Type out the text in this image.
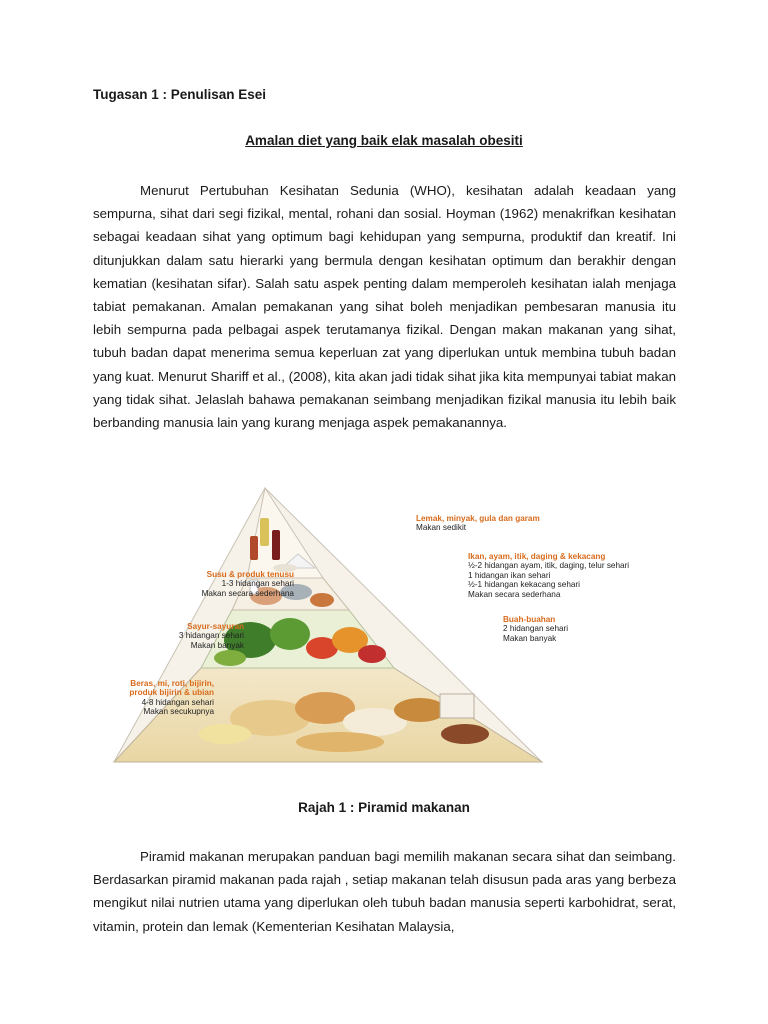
Tugasan 1 : Penulisan Esei
Amalan diet yang baik elak masalah obesiti

Menurut Pertubuhan Kesihatan Sedunia (WHO), kesihatan adalah keadaan yang sempurna, sihat dari segi fizikal, mental, rohani dan sosial. Hoyman (1962) menakrifkan kesihatan sebagai keadaan sihat yang optimum bagi kehidupan yang sempurna, produktif dan kreatif. Ini ditunjukkan dalam satu hierarki yang bermula dengan kesihatan optimum dan berakhir dengan kematian (kesihatan sifar). Salah satu aspek penting dalam memperoleh kesihatan ialah menjaga tabiat pemakanan. Amalan pemakanan yang sihat boleh menjadikan pembesaran manusia itu lebih sempurna pada pelbagai aspek terutamanya fizikal. Dengan makan makanan yang sihat, tubuh badan dapat menerima semua keperluan zat yang diperlukan untuk membina tubuh badan yang kuat. Menurut Shariff et al., (2008), kita akan jadi tidak sihat jika kita mempunyai tabiat makan yang tidak sihat. Jelaslah bahawa pemakanan seimbang menjadikan fizikal manusia itu lebih baik berbanding manusia lain yang kurang menjaga aspek pemakanannya.

Lemak, minyak, gula dan garam
Makan sedikit
Ikan, ayam, itik, daging & kekacang
½-2 hidangan ayam, itik, daging, telur sehari
1 hidangan ikan sehari
½-1 hidangan kekacang sehari
Makan secara sederhana
Susu & produk tenusu
1-3 hidangan sehari
Makan secara sederhana
Buah-buahan
2 hidangan sehari
Makan banyak
Sayur-sayuran
3 hidangan sehari
Makan banyak
Beras, mi, roti, bijirin, produk bijirin & ubian
4-8 hidangan sehari
Makan secukupnya

Rajah 1 : Piramid makanan

Piramid makanan merupakan panduan bagi memilih makanan secara sihat dan seimbang. Berdasarkan piramid makanan pada rajah , setiap makanan telah disusun pada aras yang berbeza mengikut nilai nutrien utama yang diperlukan oleh tubuh badan manusia seperti karbohidrat, serat, vitamin, protein dan lemak (Kementerian Kesihatan Malaysia,
